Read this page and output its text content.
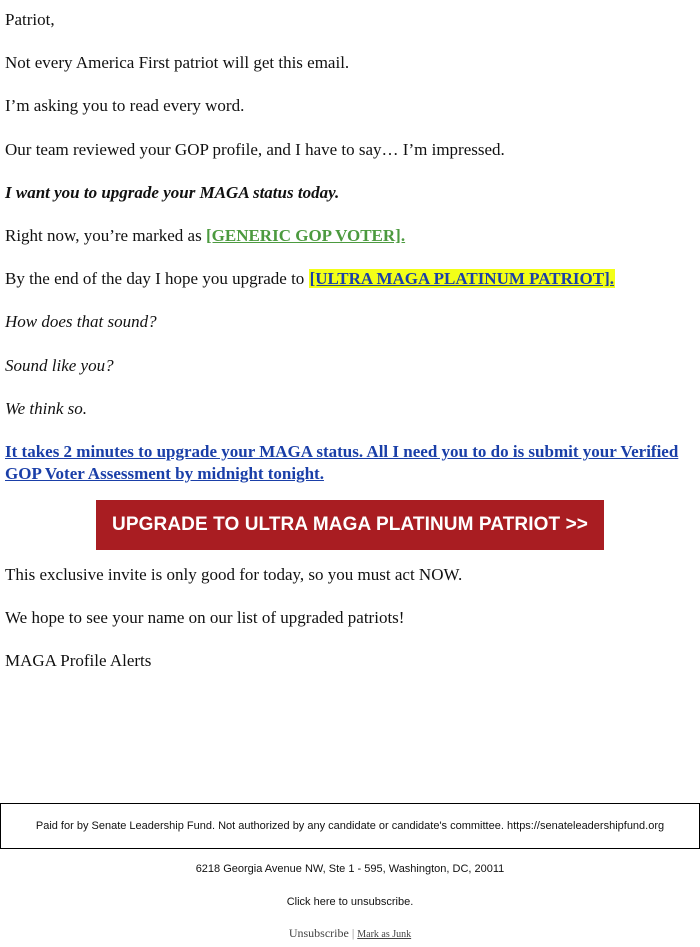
Patriot,
Not every America First patriot will get this email.
I’m asking you to read every word.
Our team reviewed your GOP profile, and I have to say… I’m impressed.
I want you to upgrade your MAGA status today.
Right now, you’re marked as [GENERIC GOP VOTER].
By the end of the day I hope you upgrade to [ULTRA MAGA PLATINUM PATRIOT].
How does that sound?
Sound like you?
We think so.
It takes 2 minutes to upgrade your MAGA status. All I need you to do is submit your Verified GOP Voter Assessment by midnight tonight.
This exclusive invite is only good for today, so you must act NOW.
We hope to see your name on our list of upgraded patriots!
MAGA Profile Alerts
UPGRADE TO ULTRA MAGA PLATINUM PATRIOT >>
Paid for by Senate Leadership Fund. Not authorized by any candidate or candidate's committee. https://senateleadershipfund.org
6218 Georgia Avenue NW, Ste 1 - 595, Washington, DC, 20011
Click here to unsubscribe.
Unsubscribe | Mark as Junk
